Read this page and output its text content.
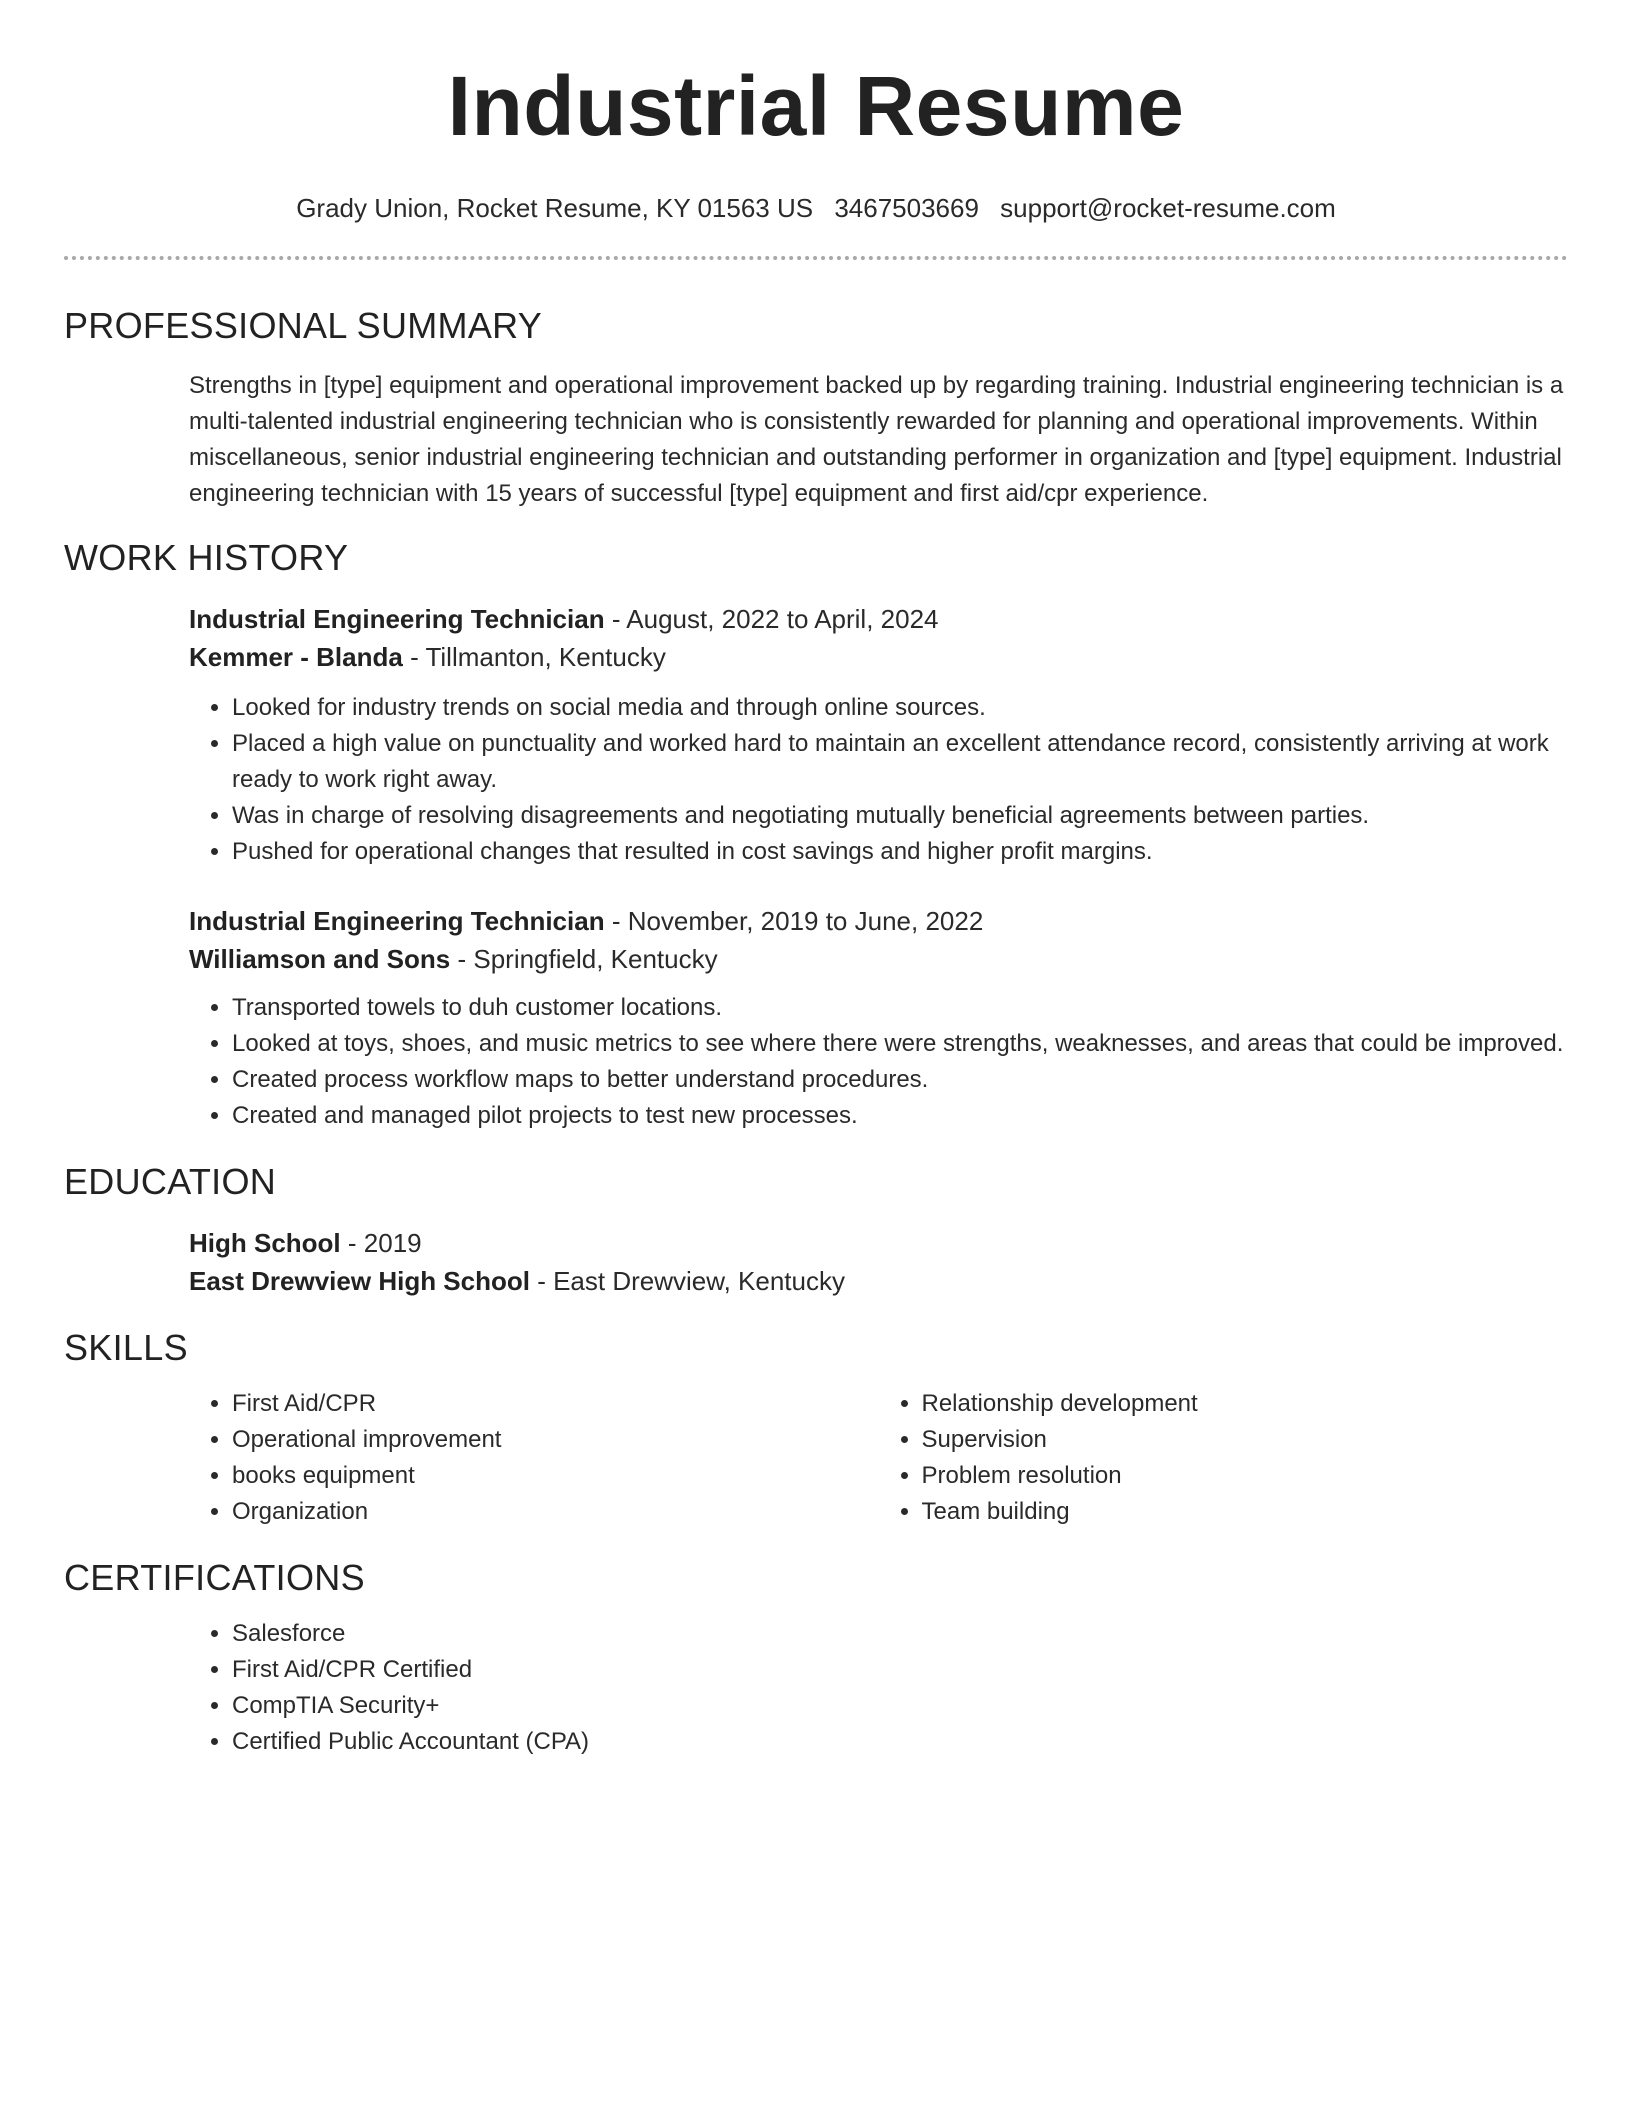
Industrial Resume
Grady Union, Rocket Resume, KY 01563 US 3467503669 support@rocket-resume.com
PROFESSIONAL SUMMARY

Strengths in [type] equipment and operational improvement backed up by regarding training. Industrial engineering technician is a multi-talented industrial engineering technician who is consistently rewarded for planning and operational improvements. Within miscellaneous, senior industrial engineering technician and outstanding performer in organization and [type] equipment. Industrial engineering technician with 15 years of successful [type] equipment and first aid/cpr experience.

WORK HISTORY
Industrial Engineering Technician - August, 2022 to April, 2024
Kemmer - Blanda - Tillmanton, Kentucky
• Looked for industry trends on social media and through online sources.
• Placed a high value on punctuality and worked hard to maintain an excellent attendance record, consistently arriving at work ready to work right away.
• Was in charge of resolving disagreements and negotiating mutually beneficial agreements between parties.
• Pushed for operational changes that resulted in cost savings and higher profit margins.
Industrial Engineering Technician - November, 2019 to June, 2022
Williamson and Sons - Springfield, Kentucky
• Transported towels to duh customer locations.
• Looked at toys, shoes, and music metrics to see where there were strengths, weaknesses, and areas that could be improved.
• Created process workflow maps to better understand procedures.
• Created and managed pilot projects to test new processes.
EDUCATION
High School - 2019
East Drewview High School - East Drewview, Kentucky
SKILLS
• First Aid/CPR
• Operational improvement
• books equipment
• Organization
• Relationship development
• Supervision
• Problem resolution
• Team building
CERTIFICATIONS
• Salesforce
• First Aid/CPR Certified
• CompTIA Security+
• Certified Public Accountant (CPA)
